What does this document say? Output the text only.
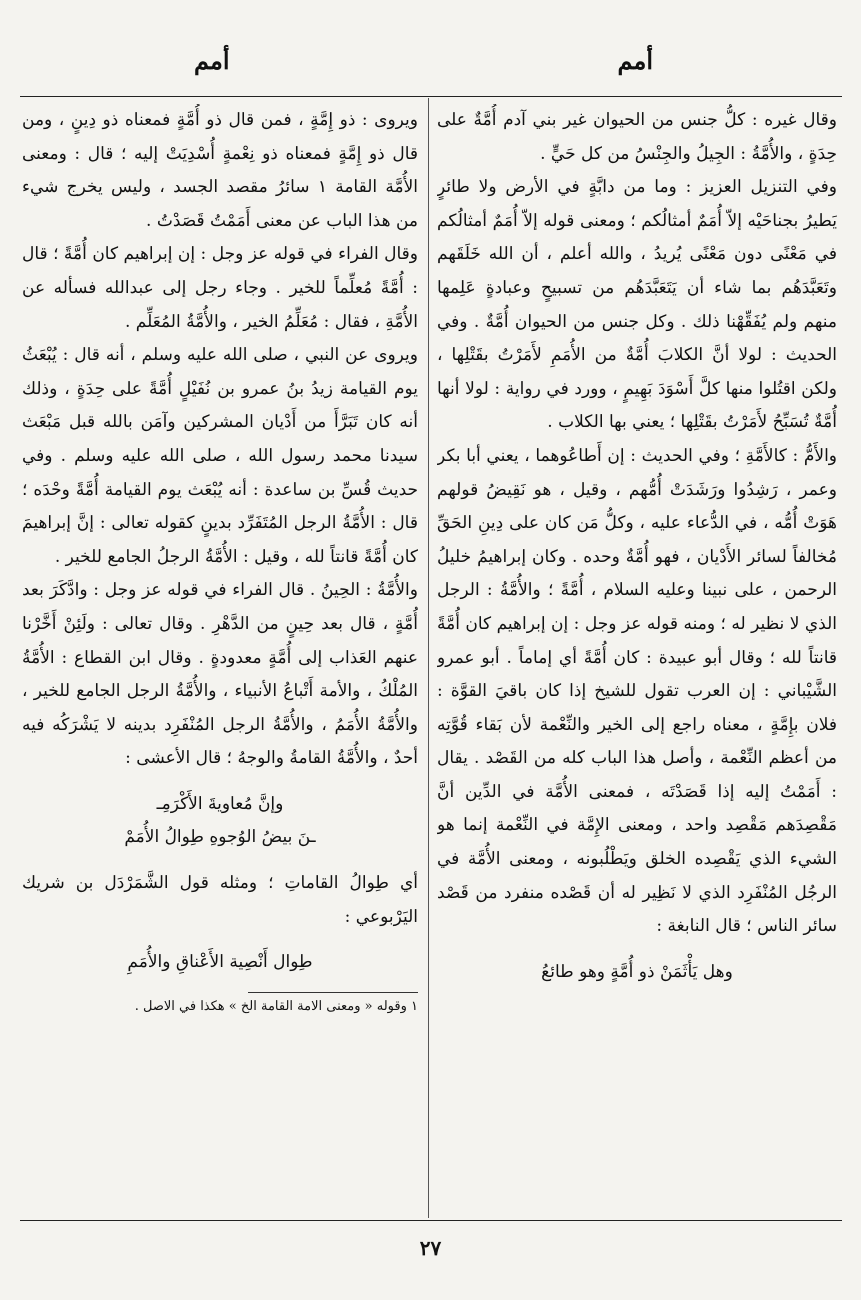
أمم
أمم

وقال غيره : كلُّ جنس من الحيوان غير بني آدم أُمَّةٌ على حِدَةٍ ، والأُمَّةُ : الجِيلُ والجِنْسُ من كل حَيٍّ .

وفي التنزيل العزيز : وما من دابَّةٍ في الأرض ولا طائرٍ يَطيرُ بجناحَيْه إلاّ أُمَمٌ أمثالُكم ؛ ومعنى قوله إلاّ أُمَمٌ أمثالُكم في مَعْنًى دون مَعْنًى يُريدُ ، والله أعلم ، أن الله خَلَقَهم وتَعَبَّدَهُم بما شاء أن يَتَعَبَّدَهُم من تسبيحٍ وعبادةٍ عَلِمها منهم ولم يُفَقِّهْنا ذلك . وكل جنس من الحيوان أُمَّةٌ . وفي الحديث : لولا أنَّ الكلابَ أُمَّةٌ من الأُمَمِ لأَمَرْتُ بقَتْلِها ، ولكن اقتُلوا منها كلَّ أَسْوَدَ بَهِيمٍ ، وورد في رواية : لولا أنها أُمَّةٌ تُسَبِّحُ لأَمَرْتُ بقَتْلِها ؛ يعني بها الكلاب .

والأَمُّ : كالأَمَّةِ ؛ وفي الحديث : إن أَطاعُوهما ، يعني أبا بكر وعمر ، رَشِدُوا ورَشَدَتْ أُمُّهم ، وقيل ، هو نَقِيضُ قولهم هَوَتْ أُمُّه ، في الدُّعاء عليه ، وكلُّ مَن كان على دِينِ الحَقِّ مُخالفاً لسائر الأَدْيان ، فهو أُمَّةٌ وحده . وكان إبراهيمُ خليلُ الرحمن ، على نبينا وعليه السلام ، أُمَّةً ؛ والأُمَّةُ : الرجل الذي لا نظير له ؛ ومنه قوله عز وجل : إن إبراهيم كان أُمَّةً قانتاً لله ؛ وقال أبو عبيدة : كان أُمَّةً أي إماماً . أبو عمرو الشَّيْباني : إن العرب تقول للشيخ إذا كان باقيَ القوَّة : فلان بإِمَّةٍ ، معناه راجع إلى الخير والنِّعْمة لأن بَقاء قُوَّتِه من أعظم النِّعْمة ، وأصل هذا الباب كله من القَصْد . يقال : أَمَمْتُ إليه إذا قَصَدْتَه ، فمعنى الأُمَّة في الدِّين أنَّ مَقْصِدَهم مَقْصِد واحد ، ومعنى الإِمَّة في النِّعْمة إنما هو الشيء الذي يَقْصِده الخلق ويَطْلُبونه ، ومعنى الأُمَّة في الرجُل المُنْفَرِد الذي لا نَظِير له أن قَصْده منفرد من قَصْد سائر الناس ؛ قال النابغة :

وهل يَأْثَمَنْ ذو أُمَّةٍ وهو طائعُ

ويروى : ذو إِمَّةٍ ، فمن قال ذو أُمَّةٍ فمعناه ذو دِينٍ ، ومن قال ذو إِمَّةٍ فمعناه ذو نِعْمةٍ أُسْدِيَتْ إليه ؛ قال : ومعنى الأُمَّة القامة ١ سائرُ مقصد الجسد ، وليس يخرج شيء من هذا الباب عن معنى أَمَمْتُ قَصَدْتُ .

وقال الفراء في قوله عز وجل : إن إبراهيم كان أُمَّةً ؛ قال : أُمَّةً مُعلِّماً للخير . وجاء رجل إلى عبدالله فسأله عن الأُمَّةِ ، فقال : مُعَلِّمُ الخير ، والأُمَّةُ المُعَلِّم .

ويروى عن النبي ، صلى الله عليه وسلم ، أنه قال : يُبْعَثُ يوم القيامة زيدُ بنُ عمرو بن نُفَيْلٍ أُمَّةً على حِدَةٍ ، وذلك أنه كان تَبَرَّأَ من أَدْيان المشركين وآمَن بالله قبل مَبْعَث سيدنا محمد رسول الله ، صلى الله عليه وسلم . وفي حديث قُسِّ بن ساعدة : أنه يُبْعَث يوم القيامة أُمَّةً وحْدَه ؛ قال : الأُمَّةُ الرجل المُتَفَرِّد بدينٍ كقوله تعالى : إنَّ إبراهيمَ كان أُمَّةً قانتاً لله ، وقيل : الأُمَّةُ الرجلُ الجامع للخير .

والأُمَّةُ : الحِينُ . قال الفراء في قوله عز وجل : وادَّكَرَ بعد أُمَّةٍ ، قال بعد حِينٍ من الدَّهْرِ . وقال تعالى : ولَئِنْ أَخَّرْنا عنهم العَذاب إلى أُمَّةٍ معدودةٍ . وقال ابن القطاع : الأُمَّةُ المُلْكُ ، والأمة أَتْباعُ الأنبياء ، والأُمَّةُ الرجل الجامع للخير ، والأُمَّةُ الأُمَمُ ، والأُمَّةُ الرجل المُنْفَرِد بدينه لا يَشْرَكُه فيه أحدٌ ، والأُمَّةُ القامةُ والوجهُ ؛ قال الأعشى :

وإنَّ مُعاويةَ الأَكْرَمِـ
ـنَ بيضُ الوُجوهِ طِوالُ الأُمَمْ

أي طِوالُ القاماتِ ؛ ومثله قول الشَّمَرْدَل بن شريك اليَرْبوعي :

طِوال أَنْصِية الأَعْناقِ والأُمَمِ

١ وقوله « ومعنى الامة القامة الخ » هكذا في الاصل .

٢٧
